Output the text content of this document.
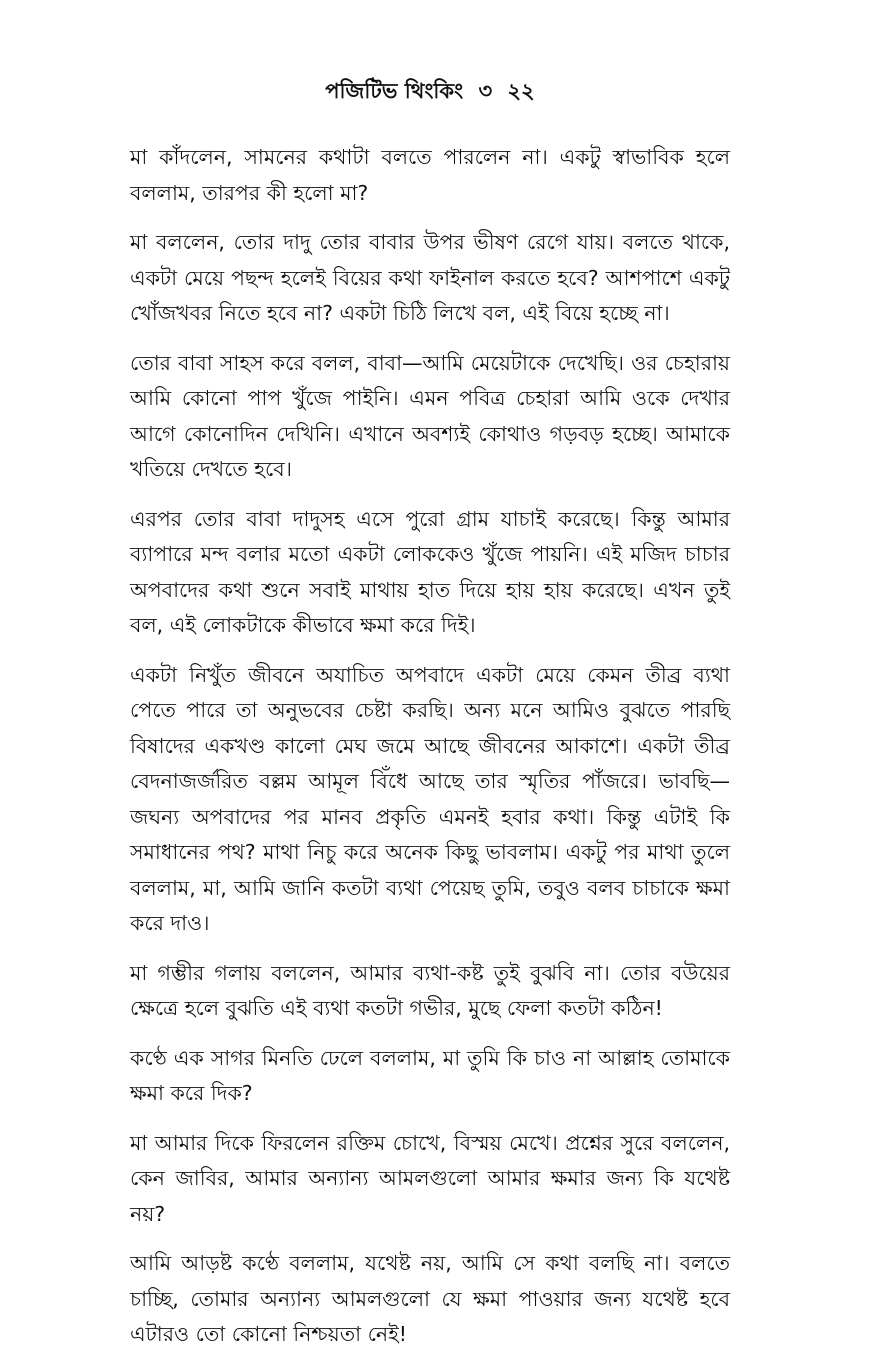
পজিটিভ থিংকিং ৩ ২২

মা কাঁদলেন, সামনের কথাটা বলতে পারলেন না। একটু স্বাভাবিক হলে বললাম, তারপর কী হলো মা?

মা বললেন, তোর দাদু তোর বাবার উপর ভীষণ রেগে যায়। বলতে থাকে, একটা মেয়ে পছন্দ হলেই বিয়ের কথা ফাইনাল করতে হবে? আশপাশে একটু খোঁজখবর নিতে হবে না? একটা চিঠি লিখে বল, এই বিয়ে হচ্ছে না।

তোর বাবা সাহস করে বলল, বাবা—আমি মেয়েটাকে দেখেছি। ওর চেহারায় আমি কোনো পাপ খুঁজে পাইনি। এমন পবিত্র চেহারা আমি ওকে দেখার আগে কোনোদিন দেখিনি। এখানে অবশ্যই কোথাও গড়বড় হচ্ছে। আমাকে খতিয়ে দেখতে হবে।

এরপর তোর বাবা দাদুসহ এসে পুরো গ্রাম যাচাই করেছে। কিন্তু আমার ব্যাপারে মন্দ বলার মতো একটা লোককেও খুঁজে পায়নি। এই মজিদ চাচার অপবাদের কথা শুনে সবাই মাথায় হাত দিয়ে হায় হায় করেছে। এখন তুই বল, এই লোকটাকে কীভাবে ক্ষমা করে দিই।

একটা নিখুঁত জীবনে অযাচিত অপবাদে একটা মেয়ে কেমন তীব্র ব্যথা পেতে পারে তা অনুভবের চেষ্টা করছি। অন্য মনে আমিও বুঝতে পারছি বিষাদের একখণ্ড কালো মেঘ জমে আছে জীবনের আকাশে। একটা তীব্র বেদনাজর্জরিত বল্লম আমূল বিঁধে আছে তার স্মৃতির পাঁজরে। ভাবছি—জঘন্য অপবাদের পর মানব প্রকৃতি এমনই হবার কথা। কিন্তু এটাই কি সমাধানের পথ? মাথা নিচু করে অনেক কিছু ভাবলাম। একটু পর মাথা তুলে বললাম, মা, আমি জানি কতটা ব্যথা পেয়েছ তুমি, তবুও বলব চাচাকে ক্ষমা করে দাও।

মা গম্ভীর গলায় বললেন, আমার ব্যথা-কষ্ট তুই বুঝবি না। তোর বউয়ের ক্ষেত্রে হলে বুঝতি এই ব্যথা কতটা গভীর, মুছে ফেলা কতটা কঠিন!

কণ্ঠে এক সাগর মিনতি ঢেলে বললাম, মা তুমি কি চাও না আল্লাহ তোমাকে ক্ষমা করে দিক?

মা আমার দিকে ফিরলেন রক্তিম চোখে, বিস্ময় মেখে। প্রশ্নের সুরে বললেন, কেন জাবির, আমার অন্যান্য আমলগুলো আমার ক্ষমার জন্য কি যথেষ্ট নয়?

আমি আড়ষ্ট কণ্ঠে বললাম, যথেষ্ট নয়, আমি সে কথা বলছি না। বলতে চাচ্ছি, তোমার অন্যান্য আমলগুলো যে ক্ষমা পাওয়ার জন্য যথেষ্ট হবে এটারও তো কোনো নিশ্চয়তা নেই!
